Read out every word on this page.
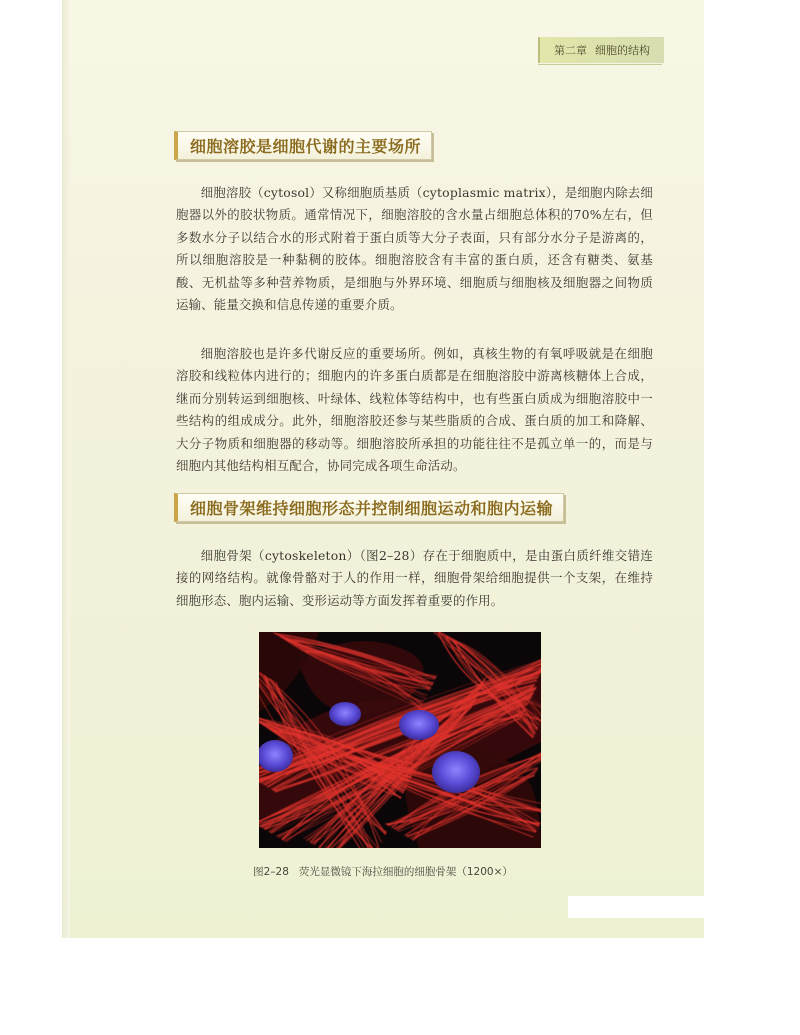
第二章 细胞的结构
细胞溶胶是细胞代谢的主要场所

细胞溶胶（cytosol）又称细胞质基质（cytoplasmic matrix），是细胞内除去细胞器以外的胶状物质。通常情况下，细胞溶胶的含水量占细胞总体积的70%左右，但多数水分子以结合水的形式附着于蛋白质等大分子表面，只有部分水分子是游离的，所以细胞溶胶是一种黏稠的胶体。细胞溶胶含有丰富的蛋白质，还含有糖类、氨基酸、无机盐等多种营养物质，是细胞与外界环境、细胞质与细胞核及细胞器之间物质运输、能量交换和信息传递的重要介质。

细胞溶胶也是许多代谢反应的重要场所。例如，真核生物的有氧呼吸就是在细胞溶胶和线粒体内进行的；细胞内的许多蛋白质都是在细胞溶胶中游离核糖体上合成，继而分别转运到细胞核、叶绿体、线粒体等结构中，也有些蛋白质成为细胞溶胶中一些结构的组成成分。此外，细胞溶胶还参与某些脂质的合成、蛋白质的加工和降解、大分子物质和细胞器的移动等。细胞溶胶所承担的功能往往不是孤立单一的，而是与细胞内其他结构相互配合，协同完成各项生命活动。

细胞骨架维持细胞形态并控制细胞运动和胞内运输

细胞骨架（cytoskeleton）（图2–28）存在于细胞质中，是由蛋白质纤维交错连接的网络结构。就像骨骼对于人的作用一样，细胞骨架给细胞提供一个支架，在维持细胞形态、胞内运输、变形运动等方面发挥着重要的作用。

图2–28 荧光显微镜下海拉细胞的细胞骨架（1200×）
